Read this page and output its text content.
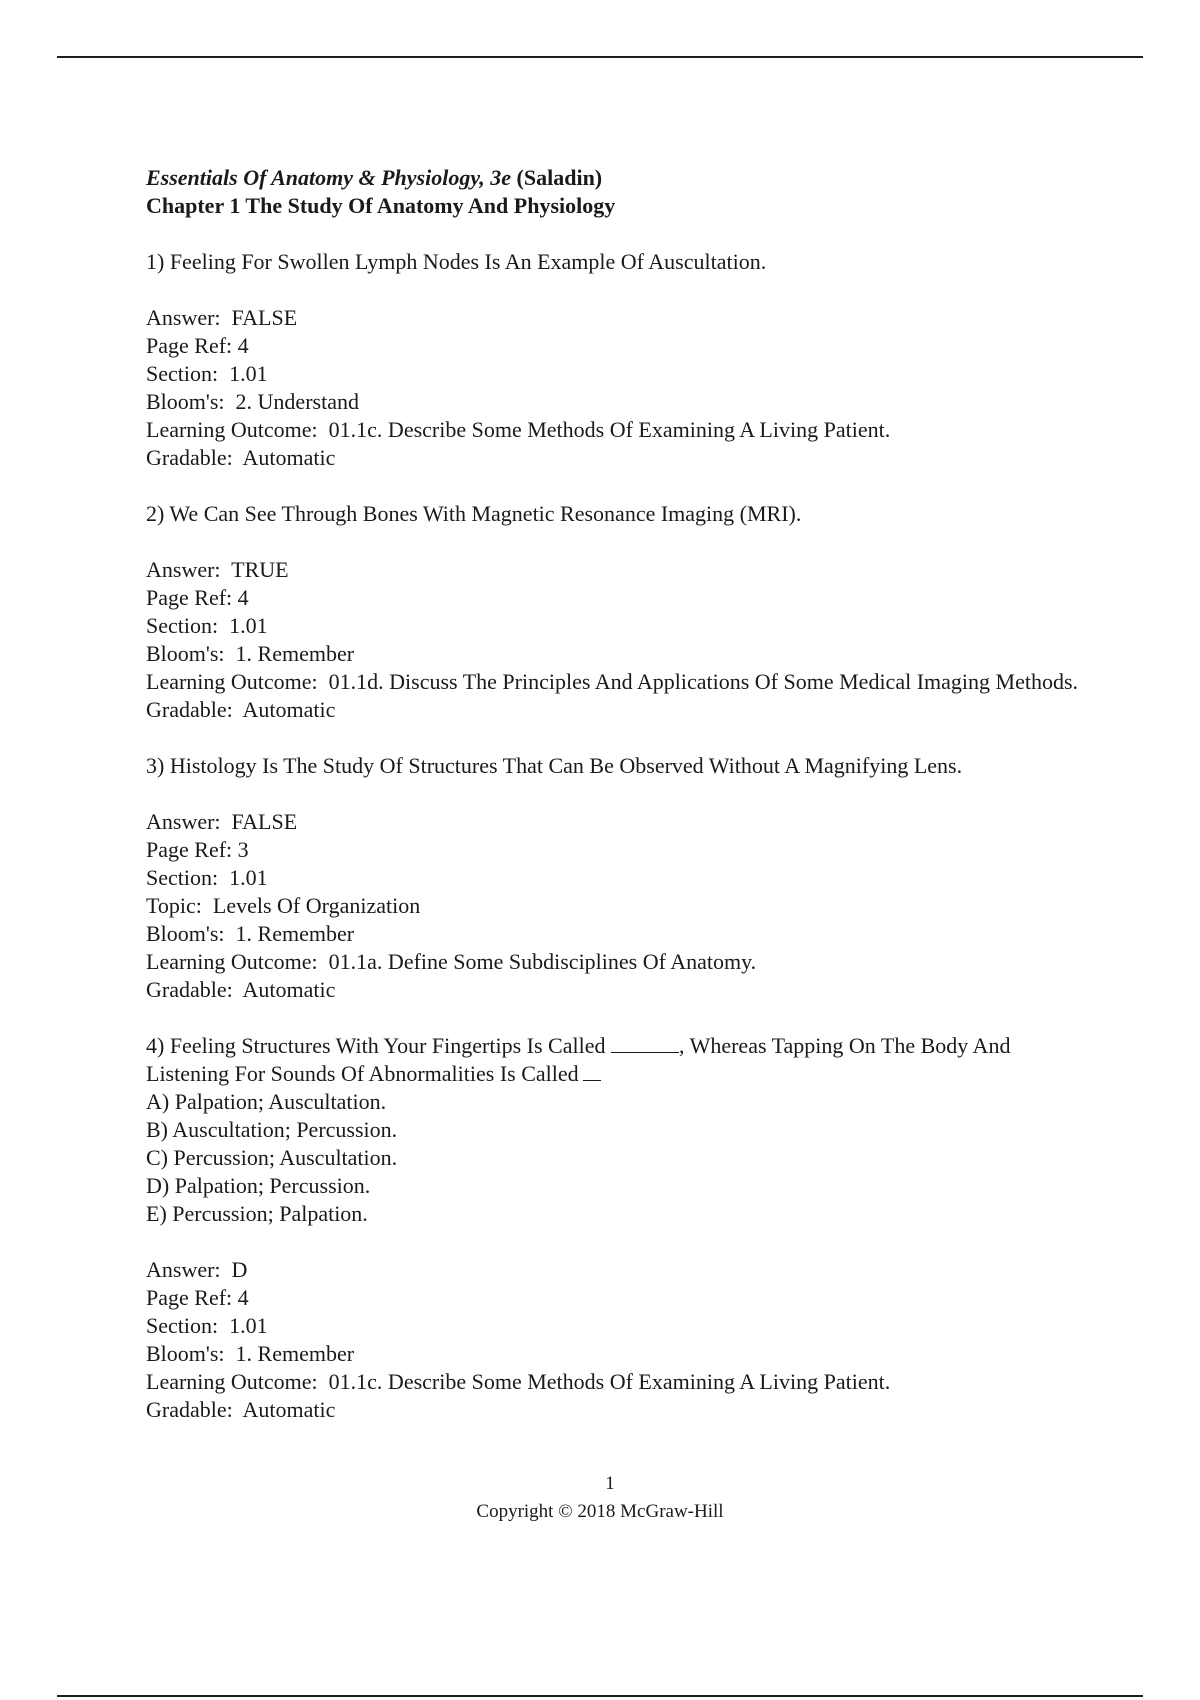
Essentials Of Anatomy & Physiology, 3e (Saladin)
Chapter 1 The Study Of Anatomy And Physiology

1) Feeling For Swollen Lymph Nodes Is An Example Of Auscultation.

Answer:  FALSE
Page Ref: 4
Section:  1.01
Bloom's:  2. Understand
Learning Outcome:  01.1c. Describe Some Methods Of Examining A Living Patient.
Gradable:  Automatic

2) We Can See Through Bones With Magnetic Resonance Imaging (MRI).

Answer:  TRUE
Page Ref: 4
Section:  1.01
Bloom's:  1. Remember
Learning Outcome:  01.1d. Discuss The Principles And Applications Of Some Medical Imaging Methods.
Gradable:  Automatic

3) Histology Is The Study Of Structures That Can Be Observed Without A Magnifying Lens.

Answer:  FALSE
Page Ref: 3
Section:  1.01
Topic:  Levels Of Organization
Bloom's:  1. Remember
Learning Outcome:  01.1a. Define Some Subdisciplines Of Anatomy.
Gradable:  Automatic

4) Feeling Structures With Your Fingertips Is Called	, Whereas Tapping On The Body And Listening For Sounds Of Abnormalities Is Called

A) Palpation; Auscultation.
B) Auscultation; Percussion.
C) Percussion; Auscultation.
D) Palpation; Percussion.
E) Percussion; Palpation.
Answer:  D
Page Ref: 4
Section:  1.01
Bloom's:  1. Remember
Learning Outcome:  01.1c. Describe Some Methods Of Examining A Living Patient.
Gradable:  Automatic
1
Copyright © 2018 McGraw-Hill
